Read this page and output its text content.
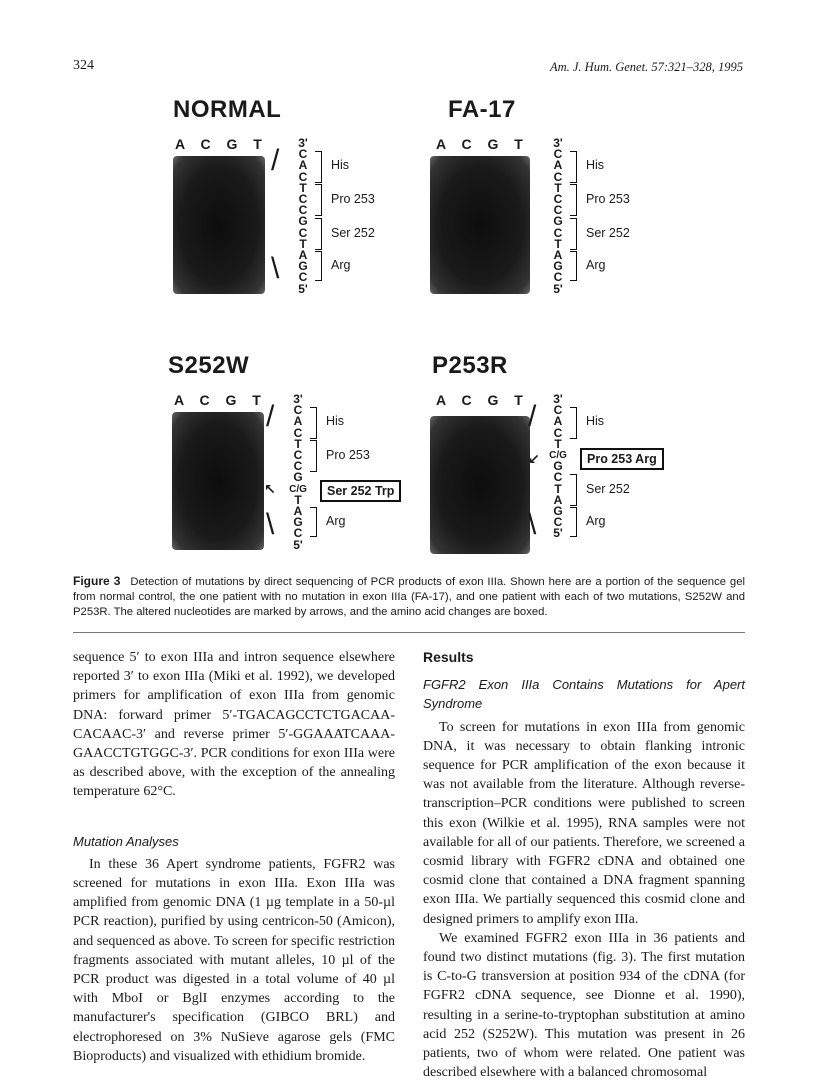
324	Am. J. Hum. Genet. 57:321–328, 1995
NORMAL
A C G T /
\
3'
C
A
C
T
C
C
G
C
T
A
G
C
5'
His
Pro 253
Ser 252
Arg
FA-17
A C G T	3'
C
A
C
T
C
C
G
C
T
A
G
C
5'
His
Pro 253
Ser 252
Arg
S252W
A C G T /
\
↖
3'
C
A
C
T
C
C
G
C/G
T
A
G
C
5'
His
Pro 253
Ser 252 Trp
Arg
P253R
A C G T /
\
↙
3'
C
A
C
T
C/G
G
C
T
A
G
C
5'
His
Pro 253 Arg
Ser 252
Arg
Figure 3 Detection of mutations by direct sequencing of PCR products of exon IIIa. Shown here are a portion of the sequence gel from normal control, the one patient with no mutation in exon IIIa (FA-17), and one patient with each of two mutations, S252W and P253R. The altered nucleotides are marked by arrows, and the amino acid changes are boxed.

sequence 5′ to exon IIIa and intron sequence elsewhere reported 3′ to exon IIIa (Miki et al. 1992), we developed primers for amplification of exon IIIa from genomic DNA: forward primer 5′-TGACAGCCTCTGACAA-CACAAC-3′ and reverse primer 5′-GGAAATCAAA-GAACCTGTGGC-3′. PCR conditions for exon IIIa were as described above, with the exception of the annealing temperature 62°C.

Mutation Analyses

In these 36 Apert syndrome patients, FGFR2 was screened for mutations in exon IIIa. Exon IIIa was amplified from genomic DNA (1 µg template in a 50-µl PCR reaction), purified by using centricon-50 (Amicon), and sequenced as above. To screen for specific restriction fragments associated with mutant alleles, 10 µl of the PCR product was digested in a total volume of 40 µl with MboI or BglI enzymes according to the manufacturer's specification (GIBCO BRL) and electrophoresed on 3% NuSieve agarose gels (FMC Bioproducts) and visualized with ethidium bromide.

Results
FGFR2 Exon IIIa Contains Mutations for Apert Syndrome

To screen for mutations in exon IIIa from genomic DNA, it was necessary to obtain flanking intronic sequence for PCR amplification of the exon because it was not available from the literature. Although reverse-transcription–PCR conditions were published to screen this exon (Wilkie et al. 1995), RNA samples were not available for all of our patients. Therefore, we screened a cosmid library with FGFR2 cDNA and obtained one cosmid clone that contained a DNA fragment spanning exon IIIa. We partially sequenced this cosmid clone and designed primers to amplify exon IIIa.

We examined FGFR2 exon IIIa in 36 patients and found two distinct mutations (fig. 3). The first mutation is C-to-G transversion at position 934 of the cDNA (for FGFR2 cDNA sequence, see Dionne et al. 1990), resulting in a serine-to-tryptophan substitution at amino acid 252 (S252W). This mutation was present in 26 patients, two of whom were related. One patient was described elsewhere with a balanced chromosomal
